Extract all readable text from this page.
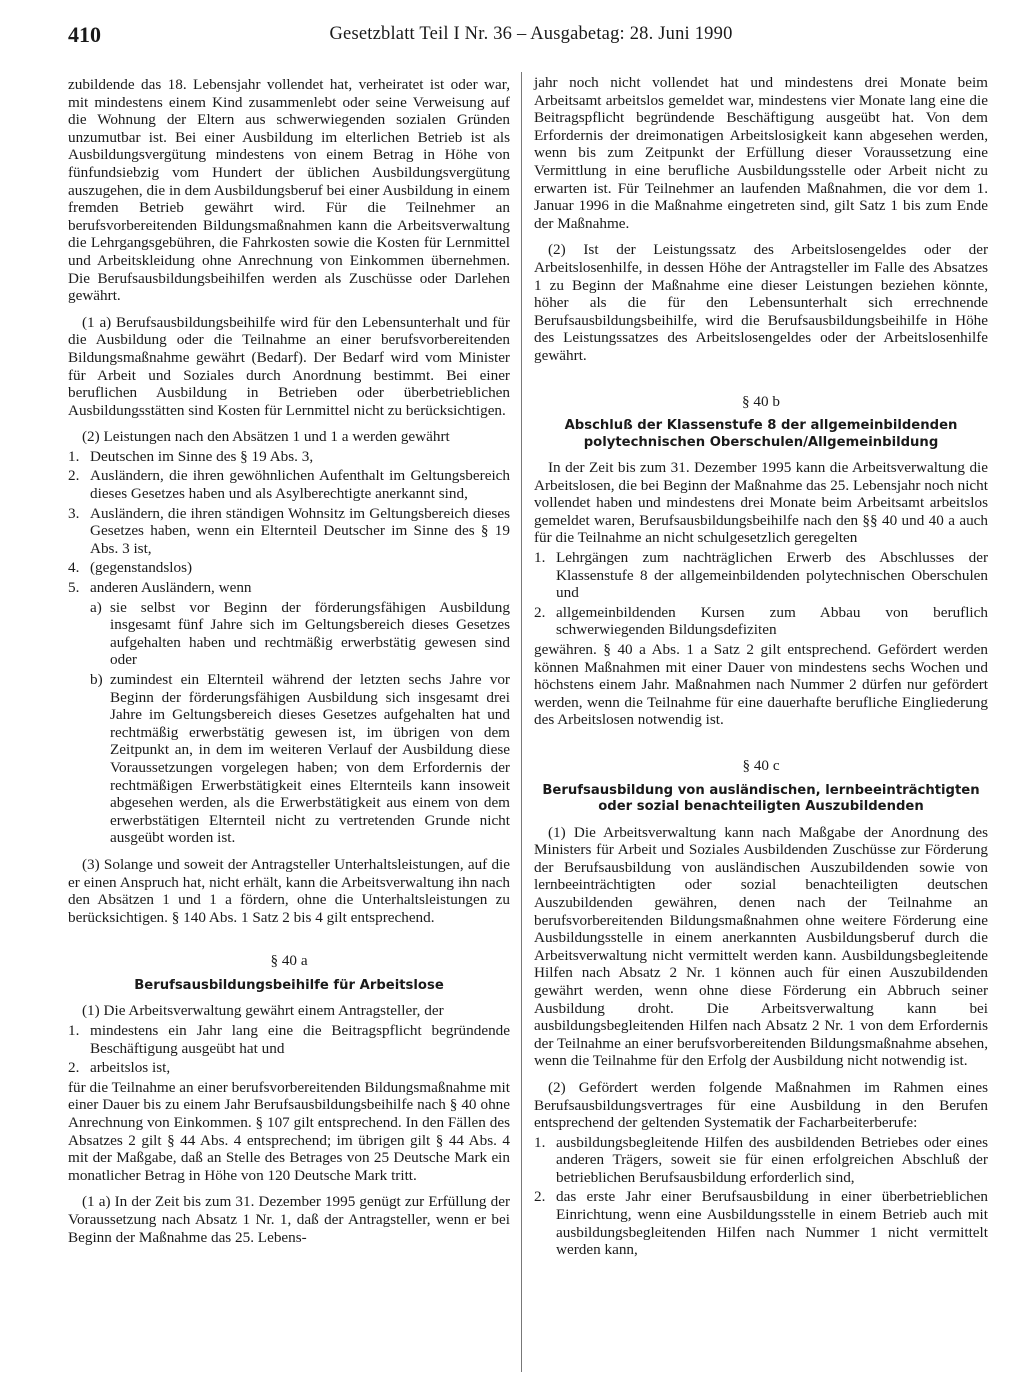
410	Gesetzblatt Teil I Nr. 36 – Ausgabetag: 28. Juni 1990

zubildende das 18. Lebensjahr vollendet hat, verheiratet ist oder war, mit mindestens einem Kind zusammenlebt oder seine Verweisung auf die Wohnung der Eltern aus schwerwiegenden sozialen Gründen unzumutbar ist. Bei einer Ausbildung im elterlichen Betrieb ist als Ausbildungsvergütung mindestens von einem Betrag in Höhe von fünfundsiebzig vom Hundert der üblichen Ausbildungsvergütung auszugehen, die in dem Ausbildungsberuf bei einer Ausbildung in einem fremden Betrieb gewährt wird. Für die Teilnehmer an berufsvorbereitenden Bildungsmaßnahmen kann die Arbeitsverwaltung die Lehrgangsgebühren, die Fahrkosten sowie die Kosten für Lernmittel und Arbeitskleidung ohne Anrechnung von Einkommen übernehmen. Die Berufsausbildungsbeihilfen werden als Zuschüsse oder Darlehen gewährt.

(1 a) Berufsausbildungsbeihilfe wird für den Lebensunterhalt und für die Ausbildung oder die Teilnahme an einer berufsvorbereitenden Bildungsmaßnahme gewährt (Bedarf). Der Bedarf wird vom Minister für Arbeit und Soziales durch Anordnung bestimmt. Bei einer beruflichen Ausbildung in Betrieben oder überbetrieblichen Ausbildungsstätten sind Kosten für Lernmittel nicht zu berücksichtigen.

(2) Leistungen nach den Absätzen 1 und 1 a werden gewährt

1. Deutschen im Sinne des § 19 Abs. 3,
2. Ausländern, die ihren gewöhnlichen Aufenthalt im Geltungsbereich dieses Gesetzes haben und als Asylberechtigte anerkannt sind,
3. Ausländern, die ihren ständigen Wohnsitz im Geltungsbereich dieses Gesetzes haben, wenn ein Elternteil Deutscher im Sinne des § 19 Abs. 3 ist,
4. (gegenstandslos)
5. anderen Ausländern, wenn
a) sie selbst vor Beginn der förderungsfähigen Ausbildung insgesamt fünf Jahre sich im Geltungsbereich dieses Gesetzes aufgehalten haben und rechtmäßig erwerbstätig gewesen sind oder
b) zumindest ein Elternteil während der letzten sechs Jahre vor Beginn der förderungsfähigen Ausbildung sich insgesamt drei Jahre im Geltungsbereich dieses Gesetzes aufgehalten hat und rechtmäßig erwerbstätig gewesen ist, im übrigen von dem Zeitpunkt an, in dem im weiteren Verlauf der Ausbildung diese Voraussetzungen vorgelegen haben; von dem Erfordernis der rechtmäßigen Erwerbstätigkeit eines Elternteils kann insoweit abgesehen werden, als die Erwerbstätigkeit aus einem von dem erwerbstätigen Elternteil nicht zu vertretenden Grunde nicht ausgeübt worden ist.

(3) Solange und soweit der Antragsteller Unterhaltsleistungen, auf die er einen Anspruch hat, nicht erhält, kann die Arbeitsverwaltung ihn nach den Absätzen 1 und 1 a fördern, ohne die Unterhaltsleistungen zu berücksichtigen. § 140 Abs. 1 Satz 2 bis 4 gilt entsprechend.

§ 40 a
Berufsausbildungsbeihilfe für Arbeitslose

(1) Die Arbeitsverwaltung gewährt einem Antragsteller, der

1. mindestens ein Jahr lang eine die Beitragspflicht begründende Beschäftigung ausgeübt hat und
2. arbeitslos ist,

für die Teilnahme an einer berufsvorbereitenden Bildungsmaßnahme mit einer Dauer bis zu einem Jahr Berufsausbildungsbeihilfe nach § 40 ohne Anrechnung von Einkommen. § 107 gilt entsprechend. In den Fällen des Absatzes 2 gilt § 44 Abs. 4 entsprechend; im übrigen gilt § 44 Abs. 4 mit der Maßgabe, daß an Stelle des Betrages von 25 Deutsche Mark ein monatlicher Betrag in Höhe von 120 Deutsche Mark tritt.

(1 a) In der Zeit bis zum 31. Dezember 1995 genügt zur Erfüllung der Voraussetzung nach Absatz 1 Nr. 1, daß der Antragsteller, wenn er bei Beginn der Maßnahme das 25. Lebens-

jahr noch nicht vollendet hat und mindestens drei Monate beim Arbeitsamt arbeitslos gemeldet war, mindestens vier Monate lang eine die Beitragspflicht begründende Beschäftigung ausgeübt hat. Von dem Erfordernis der dreimonatigen Arbeitslosigkeit kann abgesehen werden, wenn bis zum Zeitpunkt der Erfüllung dieser Voraussetzung eine Vermittlung in eine berufliche Ausbildungsstelle oder Arbeit nicht zu erwarten ist. Für Teilnehmer an laufenden Maßnahmen, die vor dem 1. Januar 1996 in die Maßnahme eingetreten sind, gilt Satz 1 bis zum Ende der Maßnahme.

(2) Ist der Leistungssatz des Arbeitslosengeldes oder der Arbeitslosenhilfe, in dessen Höhe der Antragsteller im Falle des Absatzes 1 zu Beginn der Maßnahme eine dieser Leistungen beziehen könnte, höher als die für den Lebensunterhalt sich errechnende Berufsausbildungsbeihilfe, wird die Berufsausbildungsbeihilfe in Höhe des Leistungssatzes des Arbeitslosengeldes oder der Arbeitslosenhilfe gewährt.

§ 40 b
Abschluß der Klassenstufe 8 der allgemeinbildenden polytechnischen Oberschulen/Allgemeinbildung

In der Zeit bis zum 31. Dezember 1995 kann die Arbeitsverwaltung die Arbeitslosen, die bei Beginn der Maßnahme das 25. Lebensjahr noch nicht vollendet haben und mindestens drei Monate beim Arbeitsamt arbeitslos gemeldet waren, Berufsausbildungsbeihilfe nach den §§ 40 und 40 a auch für die Teilnahme an nicht schulgesetzlich geregelten

1. Lehrgängen zum nachträglichen Erwerb des Abschlusses der Klassenstufe 8 der allgemeinbildenden polytechnischen Oberschulen und
2. allgemeinbildenden Kursen zum Abbau von beruflich schwerwiegenden Bildungsdefiziten

gewähren. § 40 a Abs. 1 a Satz 2 gilt entsprechend. Gefördert werden können Maßnahmen mit einer Dauer von mindestens sechs Wochen und höchstens einem Jahr. Maßnahmen nach Nummer 2 dürfen nur gefördert werden, wenn die Teilnahme für eine dauerhafte berufliche Eingliederung des Arbeitslosen notwendig ist.

§ 40 c
Berufsausbildung von ausländischen, lernbeeinträchtigten oder sozial benachteiligten Auszubildenden

(1) Die Arbeitsverwaltung kann nach Maßgabe der Anordnung des Ministers für Arbeit und Soziales Ausbildenden Zuschüsse zur Förderung der Berufsausbildung von ausländischen Auszubildenden sowie von lernbeeinträchtigten oder sozial benachteiligten deutschen Auszubildenden gewähren, denen nach der Teilnahme an berufsvorbereitenden Bildungsmaßnahmen ohne weitere Förderung eine Ausbildungsstelle in einem anerkannten Ausbildungsberuf durch die Arbeitsverwaltung nicht vermittelt werden kann. Ausbildungsbegleitende Hilfen nach Absatz 2 Nr. 1 können auch für einen Auszubildenden gewährt werden, wenn ohne diese Förderung ein Abbruch seiner Ausbildung droht. Die Arbeitsverwaltung kann bei ausbildungsbegleitenden Hilfen nach Absatz 2 Nr. 1 von dem Erfordernis der Teilnahme an einer berufsvorbereitenden Bildungsmaßnahme absehen, wenn die Teilnahme für den Erfolg der Ausbildung nicht notwendig ist.

(2) Gefördert werden folgende Maßnahmen im Rahmen eines Berufsausbildungsvertrages für eine Ausbildung in den Berufen entsprechend der geltenden Systematik der Facharbeiterberufe:

1. ausbildungsbegleitende Hilfen des ausbildenden Betriebes oder eines anderen Trägers, soweit sie für einen erfolgreichen Abschluß der betrieblichen Berufsausbildung erforderlich sind,
2. das erste Jahr einer Berufsausbildung in einer überbetrieblichen Einrichtung, wenn eine Ausbildungsstelle in einem Betrieb auch mit ausbildungsbegleitenden Hilfen nach Nummer 1 nicht vermittelt werden kann,
